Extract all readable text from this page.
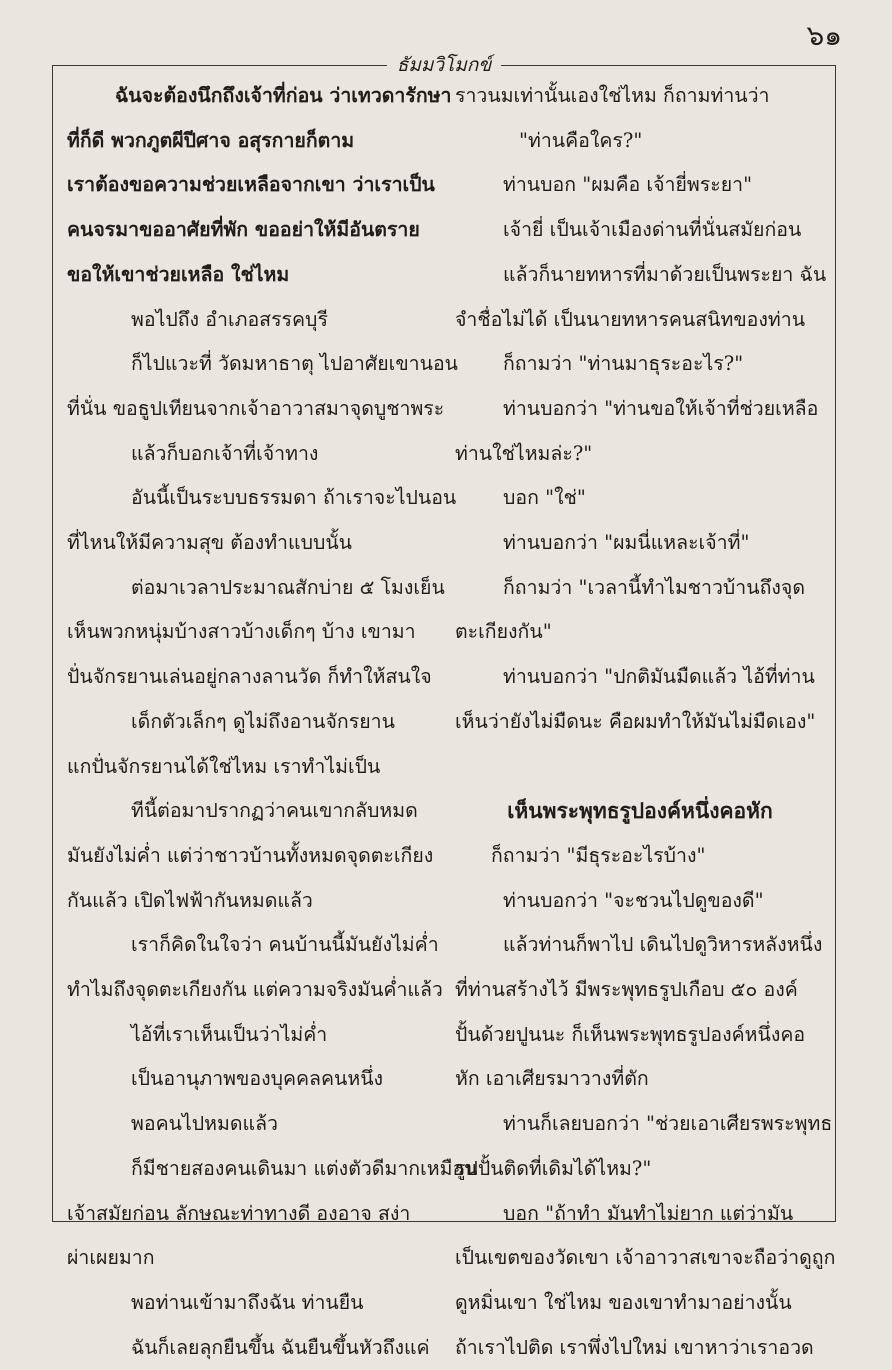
๖๑
ธัมมวิโมกข์

ฉันจะต้องนึกถึงเจ้าที่ก่อน ว่าเทวดารักษา

ที่ก็ดี พวกภูตผีปีศาจ อสุรกายก็ตาม

เราต้องขอความช่วยเหลือจากเขา ว่าเราเป็น

คนจรมาขออาศัยที่พัก ขออย่าให้มีอันตราย

ขอให้เขาช่วยเหลือ ใช่ไหม

พอไปถึง อำเภอสรรคบุรี

ก็ไปแวะที่ วัดมหาธาตุ ไปอาศัยเขานอน

ที่นั่น ขอธูปเทียนจากเจ้าอาวาสมาจุดบูชาพระ

แล้วก็บอกเจ้าที่เจ้าทาง

อันนี้เป็นระบบธรรมดา ถ้าเราจะไปนอน

ที่ไหนให้มีความสุข ต้องทำแบบนั้น

ต่อมาเวลาประมาณสักบ่าย ๕ โมงเย็น

เห็นพวกหนุ่มบ้างสาวบ้างเด็กๆ บ้าง เขามา

ปั่นจักรยานเล่นอยู่กลางลานวัด ก็ทำให้สนใจ

เด็กตัวเล็กๆ ดูไม่ถึงอานจักรยาน

แกปั่นจักรยานได้ใช่ไหม เราทำไม่เป็น

ทีนี้ต่อมาปรากฏว่าคนเขากลับหมด

มันยังไม่ค่ำ แต่ว่าชาวบ้านทั้งหมดจุดตะเกียง

กันแล้ว เปิดไฟฟ้ากันหมดแล้ว

เราก็คิดในใจว่า คนบ้านนี้มันยังไม่ค่ำ

ทำไมถึงจุดตะเกียงกัน แต่ความจริงมันค่ำแล้ว

ไอ้ที่เราเห็นเป็นว่าไม่ค่ำ

เป็นอานุภาพของบุคคลคนหนึ่ง

พอคนไปหมดแล้ว

ก็มีชายสองคนเดินมา แต่งตัวดีมากเหมือน

เจ้าสมัยก่อน ลักษณะท่าทางดี องอาจ สง่า

ผ่าเผยมาก

พอท่านเข้ามาถึงฉัน ท่านยืน

ฉันก็เลยลุกยืนขึ้น ฉันยืนขึ้นหัวถึงแค่

ราวนมเท่านั้นเองใช่ไหม ก็ถามท่านว่า

"ท่านคือใคร?"

ท่านบอก "ผมคือ เจ้ายี่พระยา"

เจ้ายี่ เป็นเจ้าเมืองด่านที่นั่นสมัยก่อน

แล้วก็นายทหารที่มาด้วยเป็นพระยา ฉัน

จำชื่อไม่ได้ เป็นนายทหารคนสนิทของท่าน

ก็ถามว่า "ท่านมาธุระอะไร?"

ท่านบอกว่า "ท่านขอให้เจ้าที่ช่วยเหลือ

ท่านใช่ไหมล่ะ?"

บอก "ใช่"

ท่านบอกว่า "ผมนี่แหละเจ้าที่"

ก็ถามว่า "เวลานี้ทำไมชาวบ้านถึงจุด

ตะเกียงกัน"

ท่านบอกว่า "ปกติมันมืดแล้ว ไอ้ที่ท่าน

เห็นว่ายังไม่มืดนะ คือผมทำให้มันไม่มืดเอง"

เห็นพระพุทธรูปองค์หนึ่งคอหัก

ก็ถามว่า "มีธุระอะไรบ้าง"

ท่านบอกว่า "จะชวนไปดูของดี"

แล้วท่านก็พาไป เดินไปดูวิหารหลังหนึ่ง

ที่ท่านสร้างไว้ มีพระพุทธรูปเกือบ ๕๐ องค์

ปั้นด้วยปูนนะ ก็เห็นพระพุทธรูปองค์หนึ่งคอ

หัก เอาเศียรมาวางที่ตัก

ท่านก็เลยบอกว่า "ช่วยเอาเศียรพระพุทธ

รูปปั้นติดที่เดิมได้ไหม?"

บอก "ถ้าทำ มันทำไม่ยาก แต่ว่ามัน

เป็นเขตของวัดเขา เจ้าอาวาสเขาจะถือว่าดูถูก

ดูหมิ่นเขา ใช่ไหม ของเขาทำมาอย่างนั้น

ถ้าเราไปติด เราพึ่งไปใหม่ เขาหาว่าเราอวด
